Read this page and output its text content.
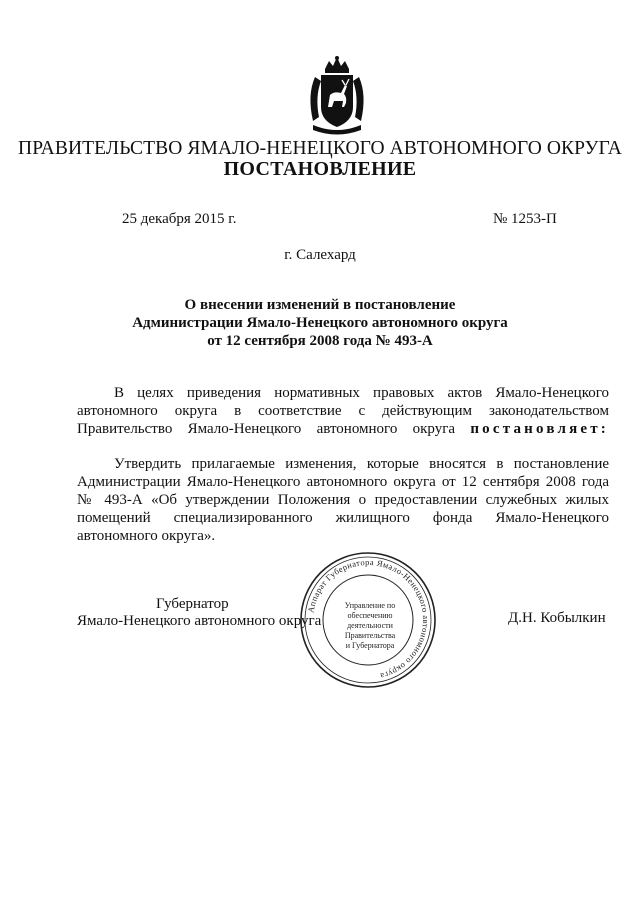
ПРАВИТЕЛЬСТВО ЯМАЛО-НЕНЕЦКОГО АВТОНОМНОГО ОКРУГА
ПОСТАНОВЛЕНИЕ
25 декабря 2015 г.	№ 1253-П
г. Салехард
О внесении изменений в постановление
Администрации Ямало-Ненецкого автономного округа
от 12 сентября 2008 года № 493-А
В целях приведения нормативных правовых актов Ямало-Ненецкого
автономного округа в соответствие с действующим законодательством
Правительство Ямало-Ненецкого автономного округа постановляет:
Утвердить прилагаемые изменения, которые вносятся в постановление
Администрации Ямало-Ненецкого автономного округа от 12 сентября 2008 года
№ 493-А «Об утверждении Положения о предоставлении служебных жилых
помещений специализированного жилищного фонда Ямало-Ненецкого
автономного округа».
Губернатор
Ямало-Ненецкого автономного округа	Д.Н. Кобылкин
Аппарат Губернатора Ямало-Ненецкого автономного округа
Управление по
обеспечению
деятельности
Правительства
и Губернатора
